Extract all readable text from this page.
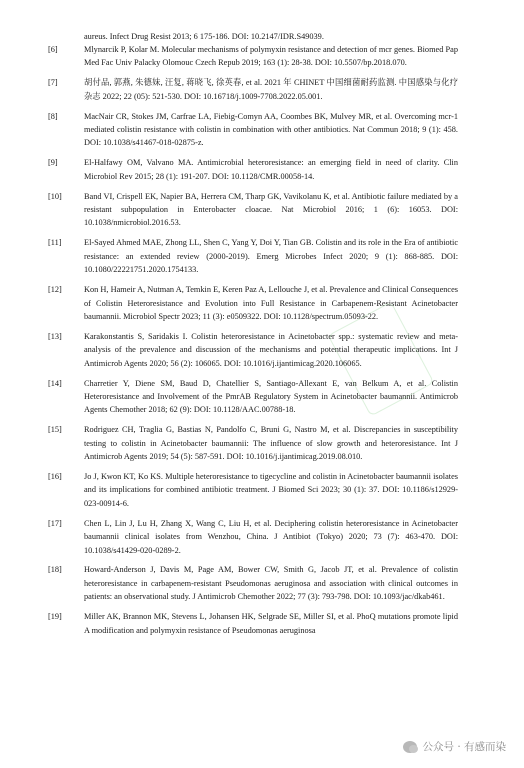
aureus. Infect Drug Resist 2013; 6 175-186. DOI: 10.2147/IDR.S49039.
[6]	Mlynarcik P, Kolar M. Molecular mechanisms of polymyxin resistance and detection of mcr genes. Biomed Pap Med Fac Univ Palacky Olomouc Czech Repub 2019; 163 (1): 28-38. DOI: 10.5507/bp.2018.070.
[7]	胡付品, 郭燕, 朱德妹, 汪复, 蒋晓飞, 徐英春, et al. 2021 年 CHINET 中国细菌耐药监测. 中国感染与化疗杂志 2022; 22 (05): 521-530. DOI: 10.16718/j.1009-7708.2022.05.001.
[8]	MacNair CR, Stokes JM, Carfrae LA, Fiebig-Comyn AA, Coombes BK, Mulvey MR, et al. Overcoming mcr-1 mediated colistin resistance with colistin in combination with other antibiotics. Nat Commun 2018; 9 (1): 458. DOI: 10.1038/s41467-018-02875-z.
[9]	El-Halfawy OM, Valvano MA. Antimicrobial heteroresistance: an emerging field in need of clarity. Clin Microbiol Rev 2015; 28 (1): 191-207. DOI: 10.1128/CMR.00058-14.
[10]	Band VI, Crispell EK, Napier BA, Herrera CM, Tharp GK, Vavikolanu K, et al. Antibiotic failure mediated by a resistant subpopulation in Enterobacter cloacae. Nat Microbiol 2016; 1 (6): 16053. DOI: 10.1038/nmicrobiol.2016.53.
[11]	El-Sayed Ahmed MAE, Zhong LL, Shen C, Yang Y, Doi Y, Tian GB. Colistin and its role in the Era of antibiotic resistance: an extended review (2000-2019). Emerg Microbes Infect 2020; 9 (1): 868-885. DOI: 10.1080/22221751.2020.1754133.
[12]	Kon H, Hameir A, Nutman A, Temkin E, Keren Paz A, Lellouche J, et al. Prevalence and Clinical Consequences of Colistin Heteroresistance and Evolution into Full Resistance in Carbapenem-Resistant Acinetobacter baumannii. Microbiol Spectr 2023; 11 (3): e0509322. DOI: 10.1128/spectrum.05093-22.
[13]	Karakonstantis S, Saridakis I. Colistin heteroresistance in Acinetobacter spp.: systematic review and meta-analysis of the prevalence and discussion of the mechanisms and potential therapeutic implications. Int J Antimicrob Agents 2020; 56 (2): 106065. DOI: 10.1016/j.ijantimicag.2020.106065.
[14]	Charretier Y, Diene SM, Baud D, Chatellier S, Santiago-Allexant E, van Belkum A, et al. Colistin Heteroresistance and Involvement of the PmrAB Regulatory System in Acinetobacter baumannii. Antimicrob Agents Chemother 2018; 62 (9): DOI: 10.1128/AAC.00788-18.
[15]	Rodriguez CH, Traglia G, Bastias N, Pandolfo C, Bruni G, Nastro M, et al. Discrepancies in susceptibility testing to colistin in Acinetobacter baumannii: The influence of slow growth and heteroresistance. Int J Antimicrob Agents 2019; 54 (5): 587-591. DOI: 10.1016/j.ijantimicag.2019.08.010.
[16]	Jo J, Kwon KT, Ko KS. Multiple heteroresistance to tigecycline and colistin in Acinetobacter baumannii isolates and its implications for combined antibiotic treatment. J Biomed Sci 2023; 30 (1): 37. DOI: 10.1186/s12929-023-00914-6.
[17]	Chen L, Lin J, Lu H, Zhang X, Wang C, Liu H, et al. Deciphering colistin heteroresistance in Acinetobacter baumannii clinical isolates from Wenzhou, China. J Antibiot (Tokyo) 2020; 73 (7): 463-470. DOI: 10.1038/s41429-020-0289-2.
[18]	Howard-Anderson J, Davis M, Page AM, Bower CW, Smith G, Jacob JT, et al. Prevalence of colistin heteroresistance in carbapenem-resistant Pseudomonas aeruginosa and association with clinical outcomes in patients: an observational study. J Antimicrob Chemother 2022; 77 (3): 793-798. DOI: 10.1093/jac/dkab461.
[19]	Miller AK, Brannon MK, Stevens L, Johansen HK, Selgrade SE, Miller SI, et al. PhoQ mutations promote lipid A modification and polymyxin resistance of Pseudomonas aeruginosa
公众号 · 有感而染
